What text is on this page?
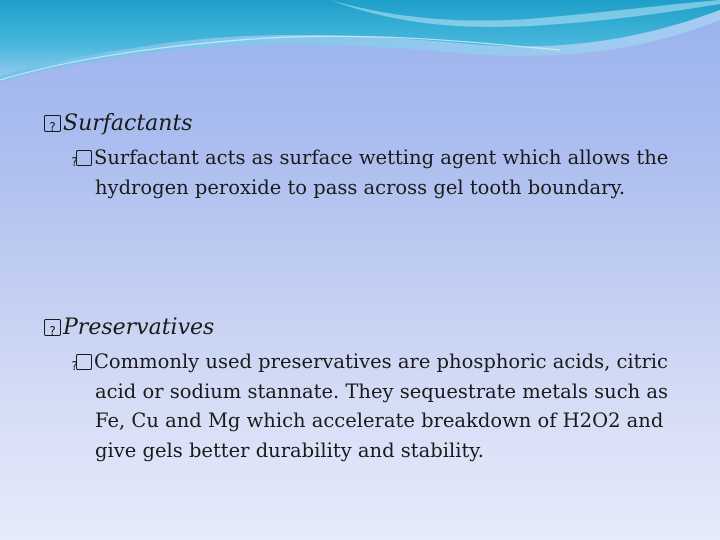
?Surfactants
?Surfactant acts as surface wetting agent which allows the hydrogen peroxide to pass across gel tooth boundary.
?Preservatives
?Commonly used preservatives are phosphoric acids, citric acid or sodium stannate. They sequestrate metals such as Fe, Cu and Mg which accelerate breakdown of H2O2 and give gels better durability and stability.
